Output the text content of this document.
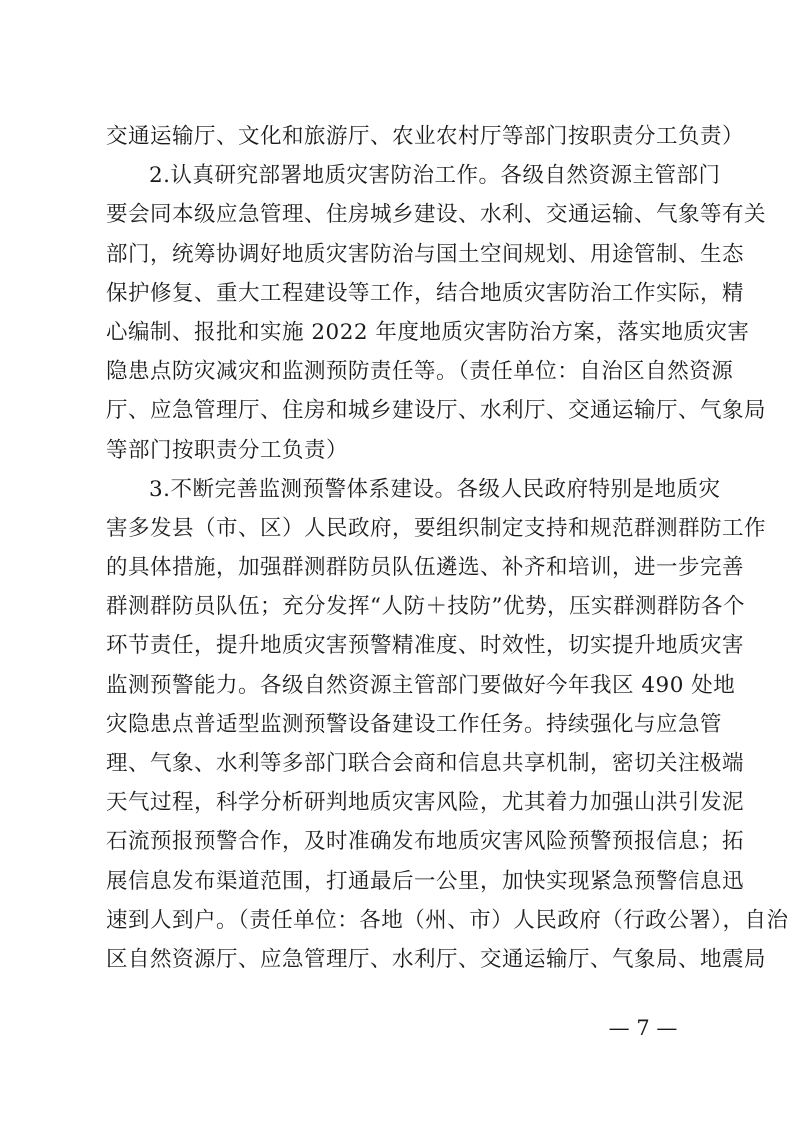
交通运输厅、文化和旅游厅、农业农村厅等部门按职责分工负责）
2.认真研究部署地质灾害防治工作。各级自然资源主管部门
要会同本级应急管理、住房城乡建设、水利、交通运输、气象等有关
部门，统筹协调好地质灾害防治与国土空间规划、用途管制、生态
保护修复、重大工程建设等工作，结合地质灾害防治工作实际，精
心编制、报批和实施 2022 年度地质灾害防治方案，落实地质灾害
隐患点防灾减灾和监测预防责任等。（责任单位：自治区自然资源
厅、应急管理厅、住房和城乡建设厅、水利厅、交通运输厅、气象局
等部门按职责分工负责）
3.不断完善监测预警体系建设。各级人民政府特别是地质灾
害多发县（市、区）人民政府，要组织制定支持和规范群测群防工作
的具体措施，加强群测群防员队伍遴选、补齐和培训，进一步完善
群测群防员队伍；充分发挥“人防＋技防”优势，压实群测群防各个
环节责任，提升地质灾害预警精准度、时效性，切实提升地质灾害
监测预警能力。各级自然资源主管部门要做好今年我区 490 处地
灾隐患点普适型监测预警设备建设工作任务。持续强化与应急管
理、气象、水利等多部门联合会商和信息共享机制，密切关注极端
天气过程，科学分析研判地质灾害风险，尤其着力加强山洪引发泥
石流预报预警合作，及时准确发布地质灾害风险预警预报信息；拓
展信息发布渠道范围，打通最后一公里，加快实现紧急预警信息迅
速到人到户。（责任单位：各地（州、市）人民政府（行政公署），自治
区自然资源厅、应急管理厅、水利厅、交通运输厅、气象局、地震局
— 7 —
